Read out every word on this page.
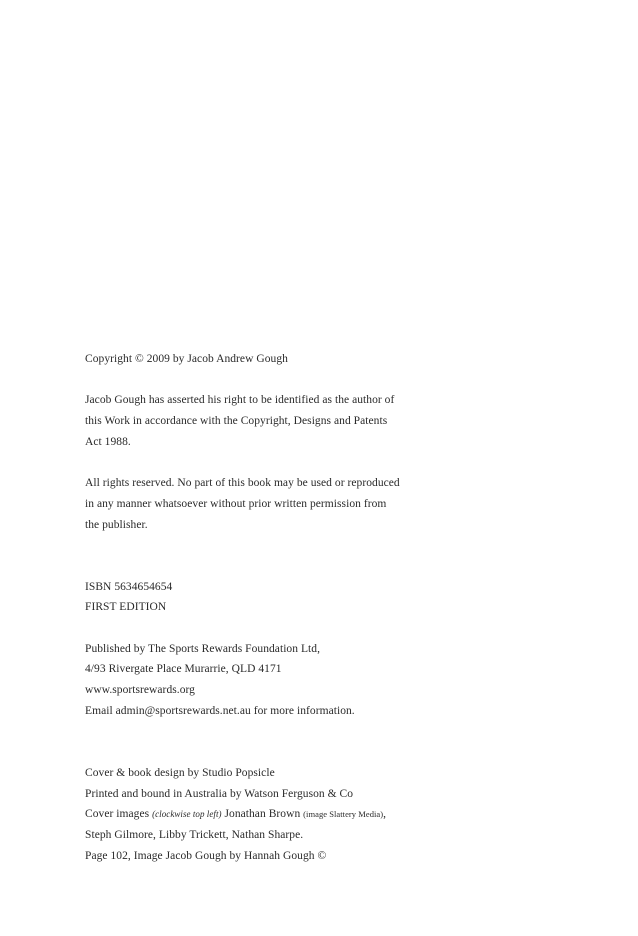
Copyright © 2009 by Jacob Andrew Gough

Jacob Gough has asserted his right to be identified as the author of

this Work in accordance with the Copyright, Designs and Patents

Act 1988.

All rights reserved. No part of this book may be used or reproduced

in any manner whatsoever without prior written permission from

the publisher.

ISBN 5634654654

FIRST EDITION

Published by The Sports Rewards Foundation Ltd,

4/93 Rivergate Place Murarrie, QLD 4171

www.sportsrewards.org

Email admin@sportsrewards.net.au for more information.

Cover & book design by Studio Popsicle

Printed and bound in Australia by Watson Ferguson & Co

Cover images (clockwise top left) Jonathan Brown (image Slattery Media),

Steph Gilmore, Libby Trickett, Nathan Sharpe.

Page 102, Image Jacob Gough by Hannah Gough ©
